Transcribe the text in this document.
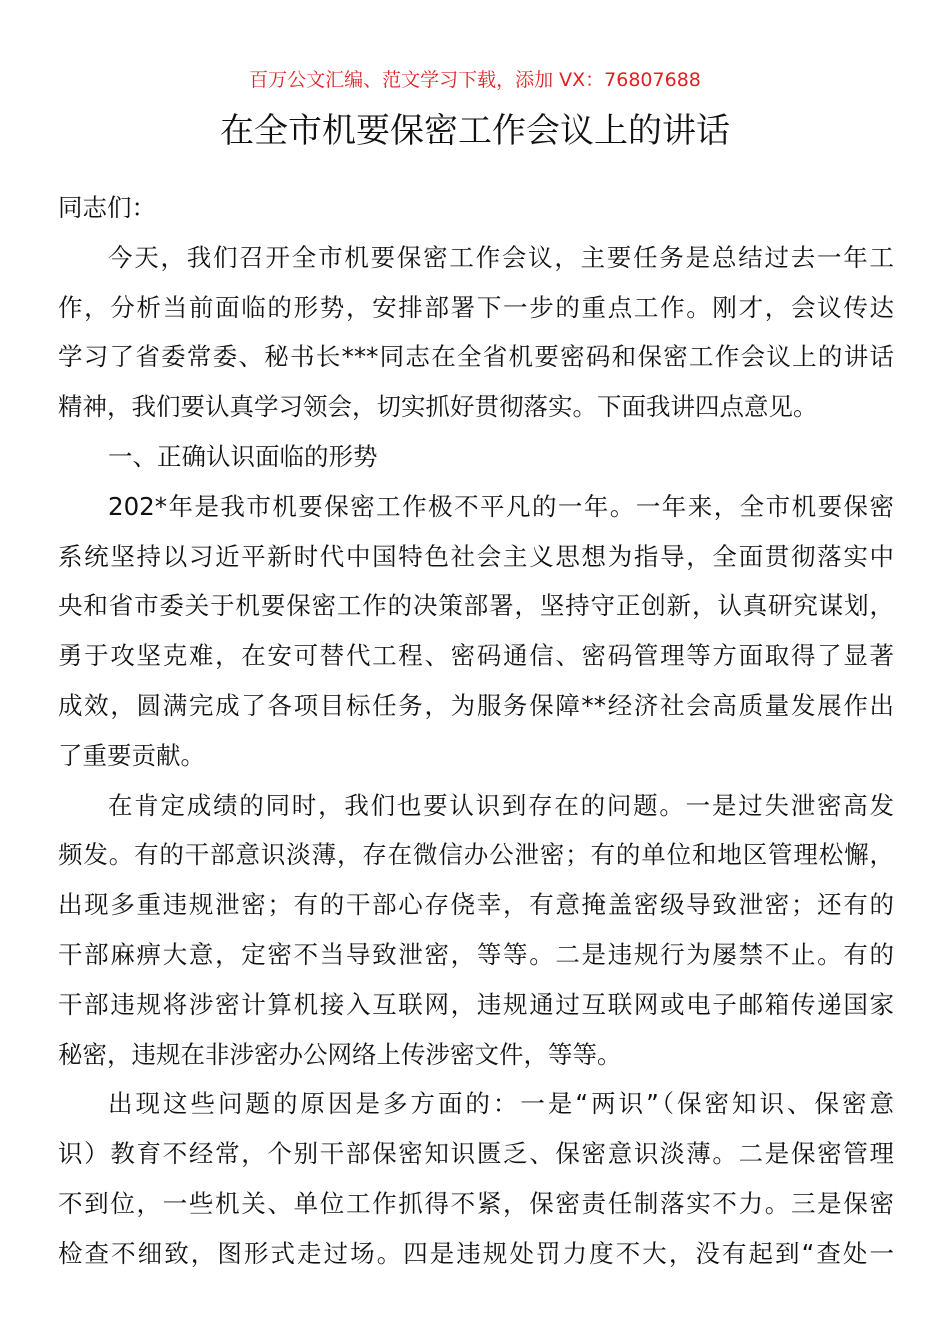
百万公文汇编、范文学习下载，添加 VX：76807688
在全市机要保密工作会议上的讲话
同志们：
今天，我们召开全市机要保密工作会议，主要任务是总结过去一年工
作，分析当前面临的形势，安排部署下一步的重点工作。刚才，会议传达
学习了省委常委、秘书长***同志在全省机要密码和保密工作会议上的讲话
精神，我们要认真学习领会，切实抓好贯彻落实。下面我讲四点意见。
一、正确认识面临的形势
202*年是我市机要保密工作极不平凡的一年。一年来，全市机要保密
系统坚持以习近平新时代中国特色社会主义思想为指导，全面贯彻落实中
央和省市委关于机要保密工作的决策部署，坚持守正创新，认真研究谋划，
勇于攻坚克难，在安可替代工程、密码通信、密码管理等方面取得了显著
成效，圆满完成了各项目标任务，为服务保障**经济社会高质量发展作出
了重要贡献。
在肯定成绩的同时，我们也要认识到存在的问题。一是过失泄密高发
频发。有的干部意识淡薄，存在微信办公泄密；有的单位和地区管理松懈，
出现多重违规泄密；有的干部心存侥幸，有意掩盖密级导致泄密；还有的
干部麻痹大意，定密不当导致泄密，等等。二是违规行为屡禁不止。有的
干部违规将涉密计算机接入互联网，违规通过互联网或电子邮箱传递国家
秘密，违规在非涉密办公网络上传涉密文件，等等。
出现这些问题的原因是多方面的：一是“两识”（保密知识、保密意
识）教育不经常，个别干部保密知识匮乏、保密意识淡薄。二是保密管理
不到位，一些机关、单位工作抓得不紧，保密责任制落实不力。三是保密
检查不细致，图形式走过场。四是违规处罚力度不大，没有起到“查处一
